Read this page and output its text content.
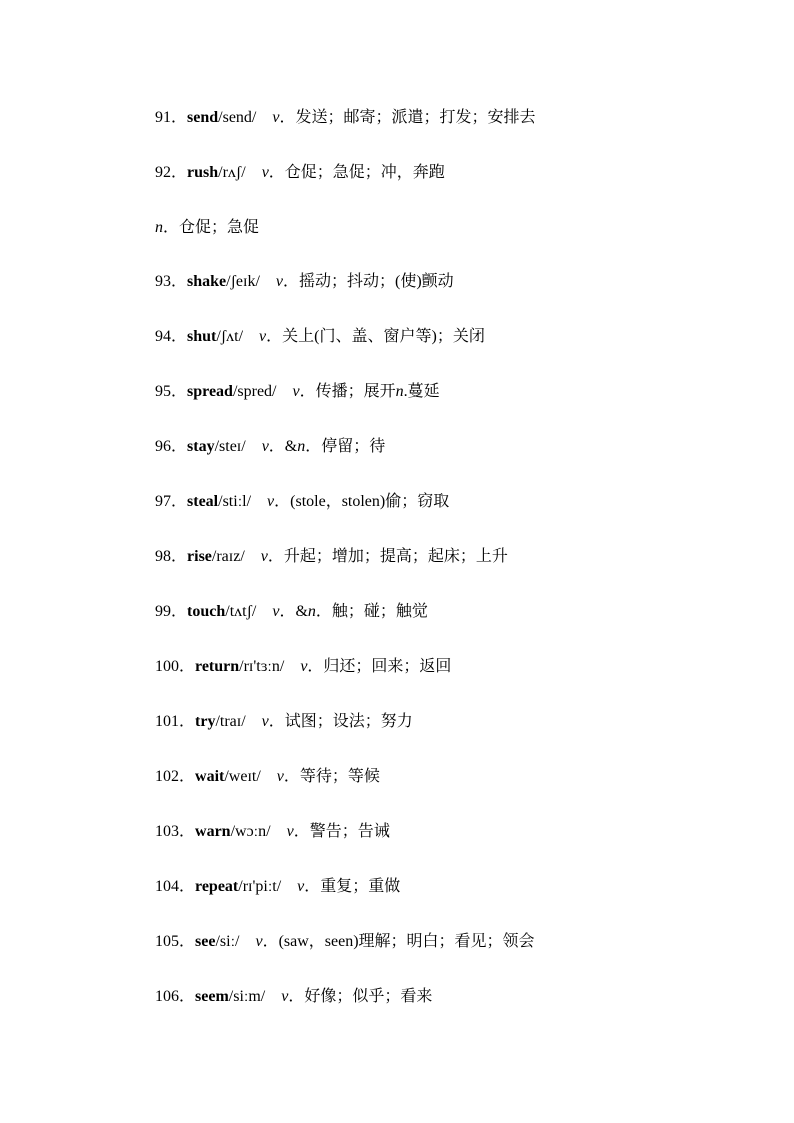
91．send/send/ v．发送；邮寄；派遣；打发；安排去
92．rush/rʌʃ/ v．仓促；急促；冲，奔跑
n．仓促；急促
93．shake/ʃeɪk/ v．摇动；抖动；(使)颤动
94．shut/ʃʌt/ v．关上(门、盖、窗户等)；关闭
95．spread/spred/ v．传播；展开n.蔓延
96．stay/steɪ/ v．&n．停留；待
97．steal/stiːl/ v．(stole，stolen)偷；窃取
98．rise/raɪz/ v．升起；增加；提高；起床；上升
99．touch/tʌtʃ/ v．&n．触；碰；触觉
100．return/rɪ'tɜːn/ v．归还；回来；返回
101．try/traɪ/ v．试图；设法；努力
102．wait/weɪt/ v．等待；等候
103．warn/wɔːn/ v．警告；告诫
104．repeat/rɪ'piːt/ v．重复；重做
105．see/siː/ v．(saw，seen)理解；明白；看见；领会
106．seem/siːm/ v．好像；似乎；看来
